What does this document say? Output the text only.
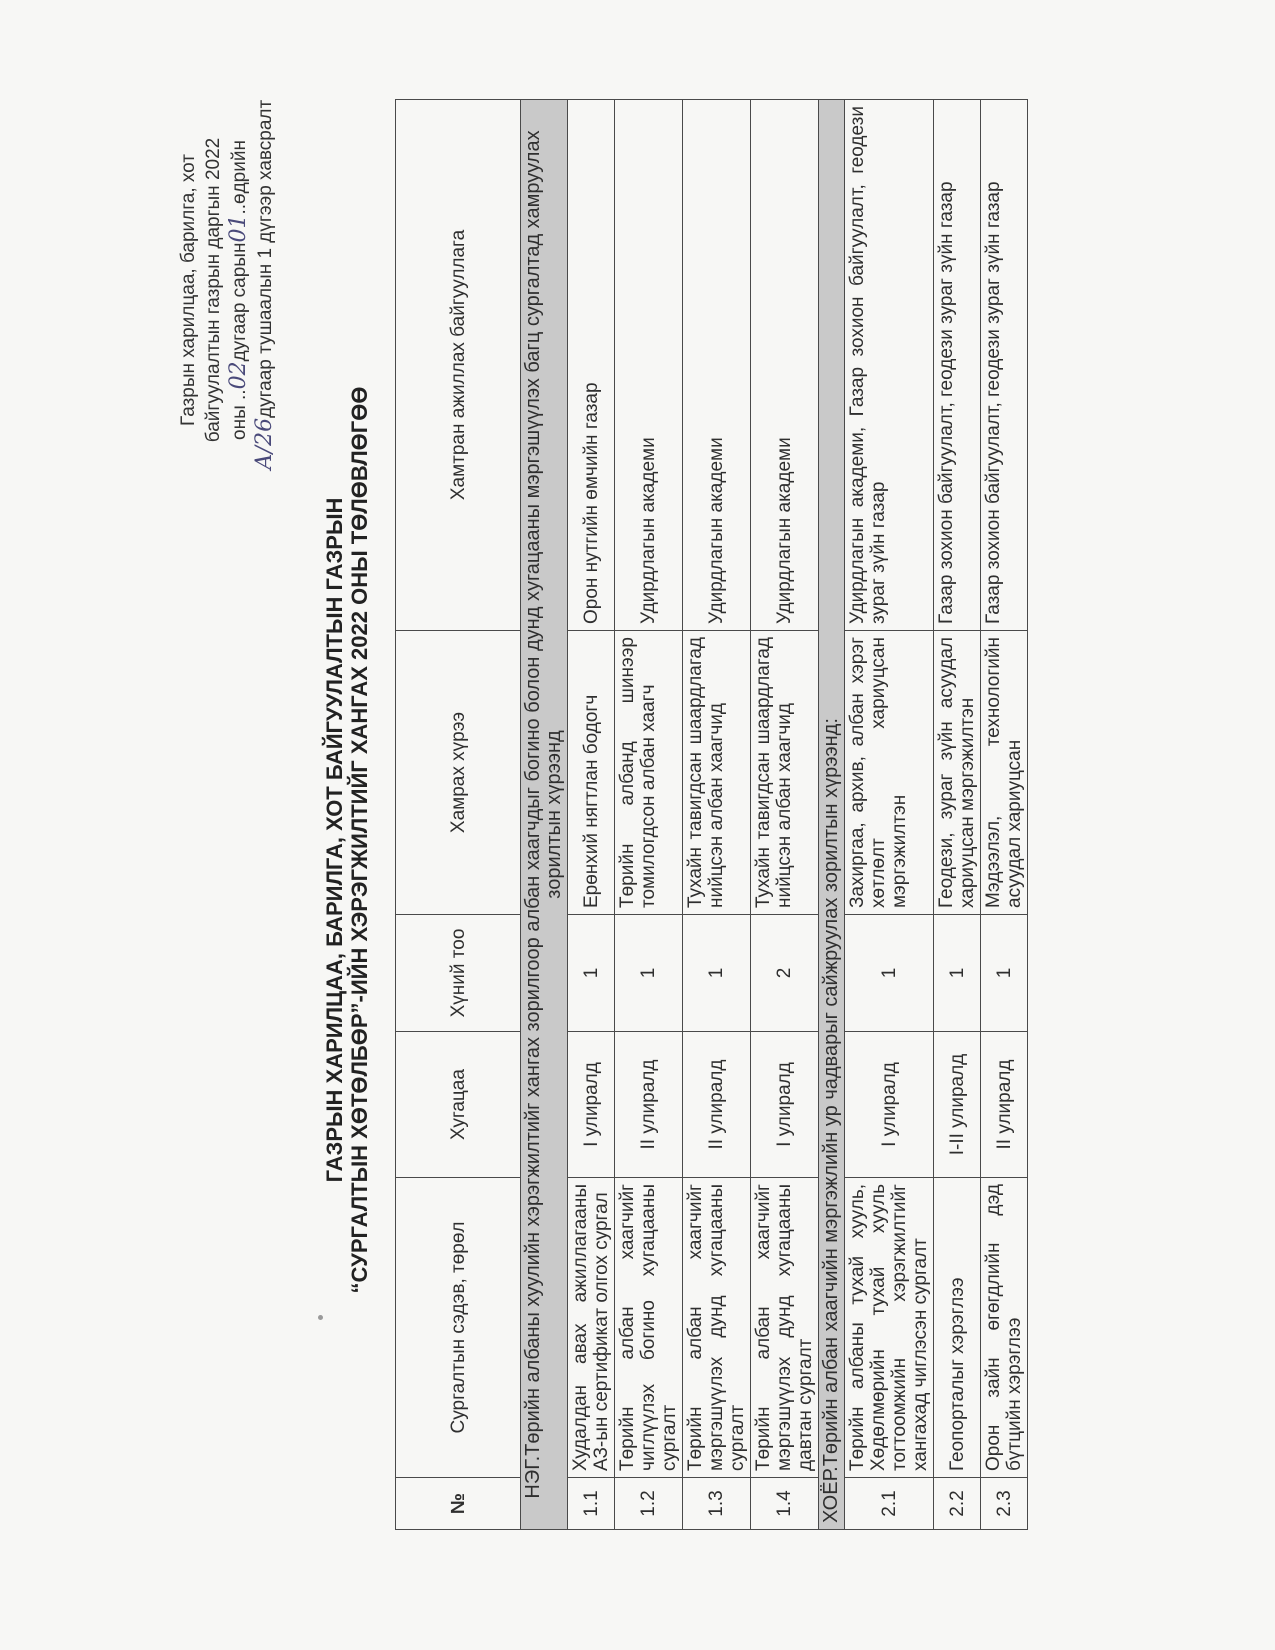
Газрын харилцаа, барилга, хот байгуулалтын газрын даргын 2022 оны ..02дугаар сарын01..өдрийн
А/26дугаар тушаалын 1 дүгээр хавсралт
ГАЗРЫН ХАРИЛЦАА, БАРИЛГА, ХОТ БАЙГУУЛАЛТЫН ГАЗРЫН “СУРГАЛТЫН ХӨТӨЛБӨР”-ИЙН ХЭРЭГЖИЛТИЙГ ХАНГАХ 2022 ОНЫ ТӨЛӨВЛӨГӨӨ
№	Сургалтын сэдэв, төрөл	Хугацаа	Хүний тоо	Хамрах хүрээ	Хамтран ажиллах байгууллага
НЭГ.Төрийн албаны хуулийн хэрэгжилтийг хангах зорилгоор албан хаагчдыг богино болон дунд хугацааны мэргэшүүлэх багц сургалтад хамруулах зорилтын хүрээнд					
1.1	Худалдан авах ажиллагааны АЗ-ын сертификат олгох сургал	I улиралд	1	Ерөнхий нягтлан бодогч	Орон нутгийн өмчийн газар
1.2	Төрийн албан хаагчийг чиглүүлэх богино хугацааны сургалт	II улиралд	1	Төрийн албанд шинээр томилогдсон албан хаагч	Удирдлагын академи
1.3	Төрийн албан хаагчийг мэргэшүүлэх дунд хугацааны сургалт	II улиралд	1	Тухайн тавигдсан шаардлагад нийцсэн албан хаагчид	Удирдлагын академи
1.4	Төрийн албан хаагчийг мэргэшүүлэх дунд хугацааны давтан сургалт	I улиралд	2	Тухайн тавигдсан шаардлагад нийцсэн албан хаагчид	Удирдлагын академи
ХОЁР.Төрийн албан хаагчийн мэргэжлийн ур чадварыг сайжруулах зорилтын хүрээнд:					
2.1	Төрийн албаны тухай хууль, Хөдөлмөрийн тухай хууль тогтоомжийн хэрэгжилтийг хангахад чиглэсэн сургалт	I улиралд	1	Захиргаа, архив, албан хэрэг хөтлөлт хариуцсан мэргэжилтэн	Удирдлагын академи, Газар зохион байгуулалт, геодези зураг зүйн газар
2.2	Геопорталыг хэрэглээ	I-II улиралд	1	Геодези, зураг зүйн асуудал хариуцсан мэргэжилтэн	Газар зохион байгуулалт, геодези зураг зүйн газар
2.3	Орон зайн өгөгдлийн дэд бүтцийн хэрэглээ	II улиралд	1	Мэдээлэл, технологийн асуудал хариуцсан	Газар зохион байгуулалт, геодези зураг зүйн газар
